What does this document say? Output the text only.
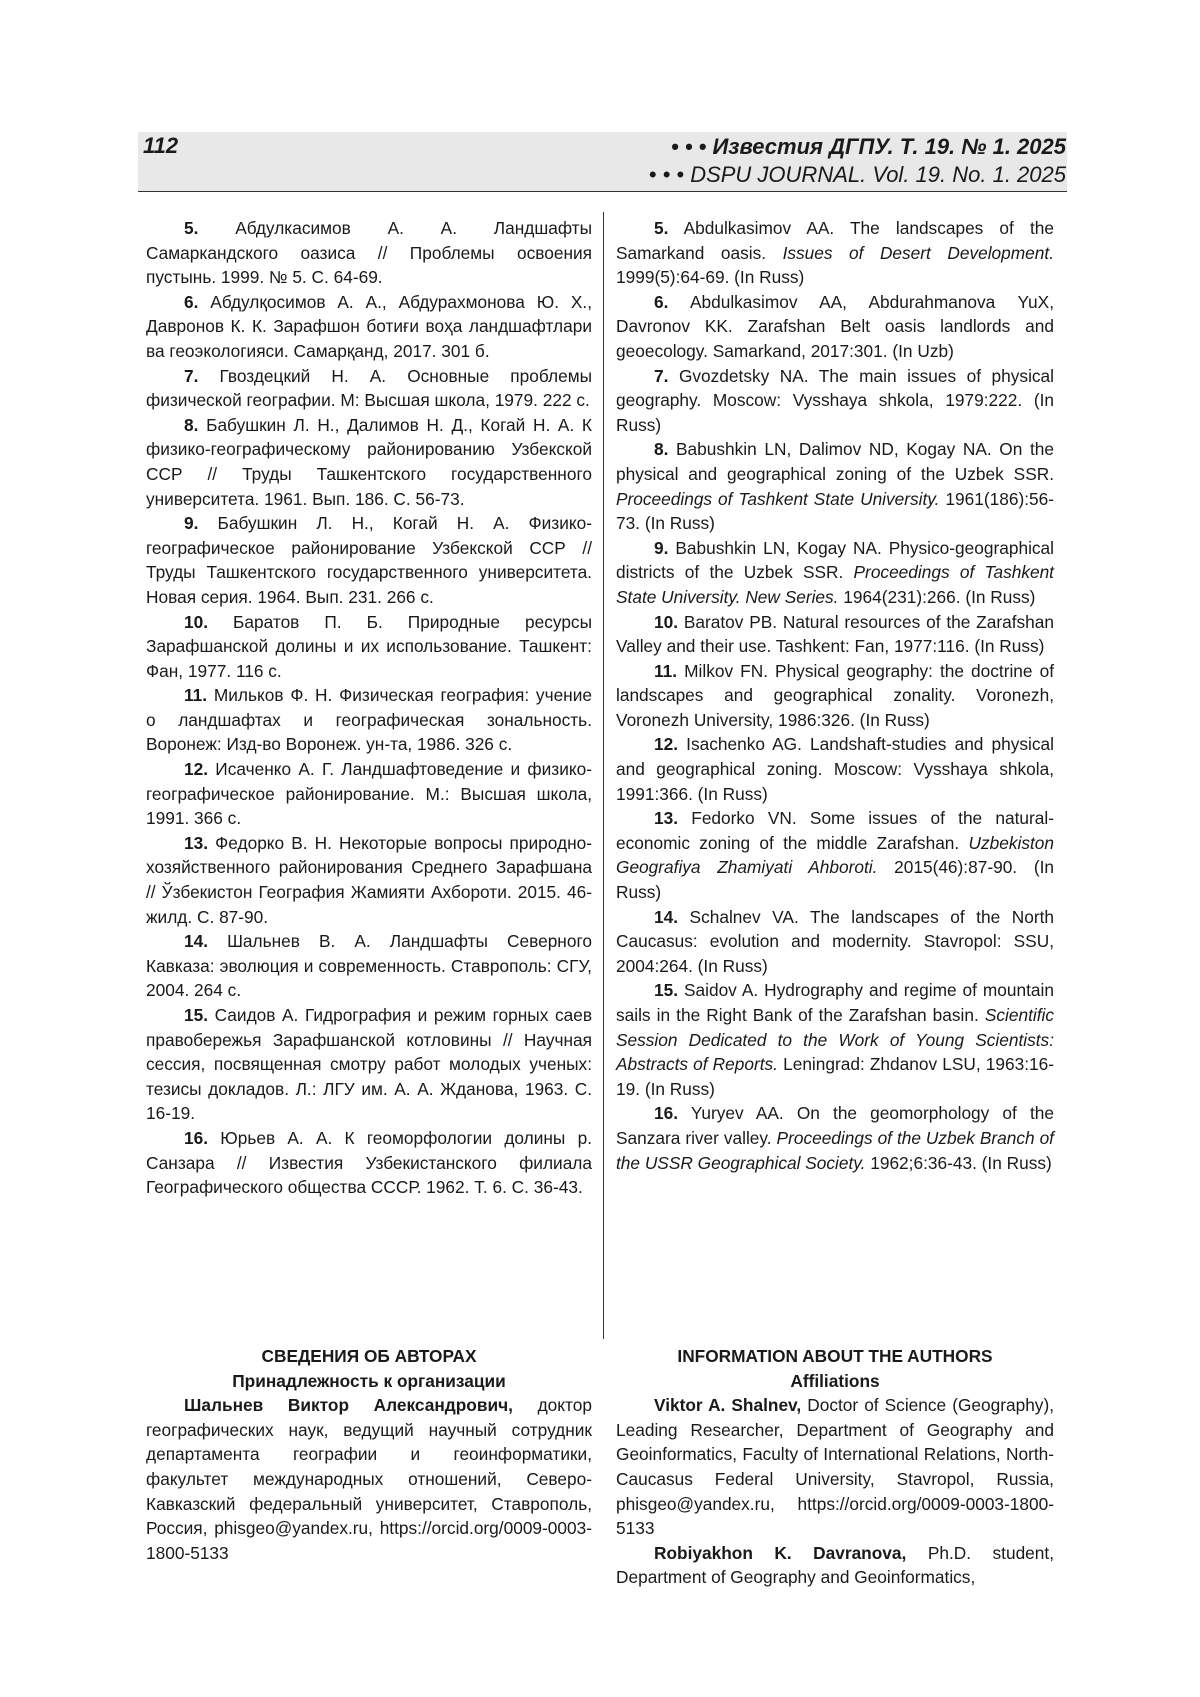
112	• • • Известия ДГПУ. Т. 19. № 1. 2025
• • • DSPU JOURNAL. Vol. 19. No. 1. 2025

5. Абдулкасимов А. А. Ландшафты Самаркандского оазиса // Проблемы освоения пустынь. 1999. № 5. С. 64-69.

6. Абдулқосимов А. А., Абдурахмонова Ю. Х., Давронов К. К. Зарафшон ботиғи воҳа ландшафтлари ва геоэкологияси. Самарқанд, 2017. 301 б.

7. Гвоздецкий Н. А. Основные проблемы физической географии. М: Высшая школа, 1979. 222 с.

8. Бабушкин Л. Н., Далимов Н. Д., Когай Н. А. К физико-географическому районированию Узбекской ССР // Труды Ташкентского государственного университета. 1961. Вып. 186. С. 56-73.

9. Бабушкин Л. Н., Когай Н. А. Физико-географическое районирование Узбекской ССР // Труды Ташкентского государственного университета. Новая серия. 1964. Вып. 231. 266 с.

10. Баратов П. Б. Природные ресурсы Зарафшанской долины и их использование. Ташкент: Фан, 1977. 116 с.

11. Мильков Ф. Н. Физическая география: учение о ландшафтах и географическая зональность. Воронеж: Изд-во Воронеж. ун-та, 1986. 326 с.

12. Исаченко А. Г. Ландшафтоведение и физико-географическое районирование. М.: Высшая школа, 1991. 366 с.

13. Федорко В. Н. Некоторые вопросы природно-хозяйственного районирования Среднего Зарафшана // Ўзбекистон География Жамияти Ахбороти. 2015. 46-жилд. С. 87-90.

14. Шальнев В. А. Ландшафты Северного Кавказа: эволюция и современность. Ставрополь: СГУ, 2004. 264 с.

15. Саидов А. Гидрография и режим горных саев правобережья Зарафшанской котловины // Научная сессия, посвященная смотру работ молодых ученых: тезисы докладов. Л.: ЛГУ им. А. А. Жданова, 1963. С. 16-19.

16. Юрьев А. А. К геоморфологии долины р. Санзара // Известия Узбекистанского филиала Географического общества СССР. 1962. Т. 6. С. 36-43.

5. Abdulkasimov AA. The landscapes of the Samarkand oasis. Issues of Desert Development. 1999(5):64-69. (In Russ)

6. Abdulkasimov AA, Abdurahmanova YuX, Davronov KK. Zarafshan Belt oasis landlords and geoecology. Samarkand, 2017:301. (In Uzb)

7. Gvozdetsky NA. The main issues of physical geography. Moscow: Vysshaya shkola, 1979:222. (In Russ)

8. Babushkin LN, Dalimov ND, Kogay NA. On the physical and geographical zoning of the Uzbek SSR. Proceedings of Tashkent State University. 1961(186):56-73. (In Russ)

9. Babushkin LN, Kogay NA. Physico-geographical districts of the Uzbek SSR. Proceedings of Tashkent State University. New Series. 1964(231):266. (In Russ)

10. Baratov PB. Natural resources of the Zarafshan Valley and their use. Tashkent: Fan, 1977:116. (In Russ)

11. Milkov FN. Physical geography: the doctrine of landscapes and geographical zonality. Voronezh, Voronezh University, 1986:326. (In Russ)

12. Isachenko AG. Landshaft-studies and physical and geographical zoning. Moscow: Vysshaya shkola, 1991:366. (In Russ)

13. Fedorko VN. Some issues of the natural-economic zoning of the middle Zarafshan. Uzbekiston Geografiya Zhamiyati Ahboroti. 2015(46):87-90. (In Russ)

14. Schalnev VA. The landscapes of the North Caucasus: evolution and modernity. Stavropol: SSU, 2004:264. (In Russ)

15. Saidov A. Hydrography and regime of mountain sails in the Right Bank of the Zarafshan basin. Scientific Session Dedicated to the Work of Young Scientists: Abstracts of Reports. Leningrad: Zhdanov LSU, 1963:16-19. (In Russ)

16. Yuryev AA. On the geomorphology of the Sanzara river valley. Proceedings of the Uzbek Branch of the USSR Geographical Society. 1962;6:36-43. (In Russ)

СВЕДЕНИЯ ОБ АВТОРАХ
Принадлежность к организации

Шальнев Виктор Александрович, доктор географических наук, ведущий научный сотрудник департамента географии и геоинформатики, факультет международных отношений, Северо-Кавказский федеральный университет, Ставрополь, Россия, phisgeo@yandex.ru, https://orcid.org/0009-0003-1800-5133

INFORMATION ABOUT THE AUTHORS
Affiliations

Viktor A. Shalnev, Doctor of Science (Geography), Leading Researcher, Department of Geography and Geoinformatics, Faculty of International Relations, North-Caucasus Federal University, Stavropol, Russia, phisgeo@yandex.ru, https://orcid.org/0009-0003-1800-5133

Robiyakhon K. Davranova, Ph.D. student, Department of Geography and Geoinformatics,
